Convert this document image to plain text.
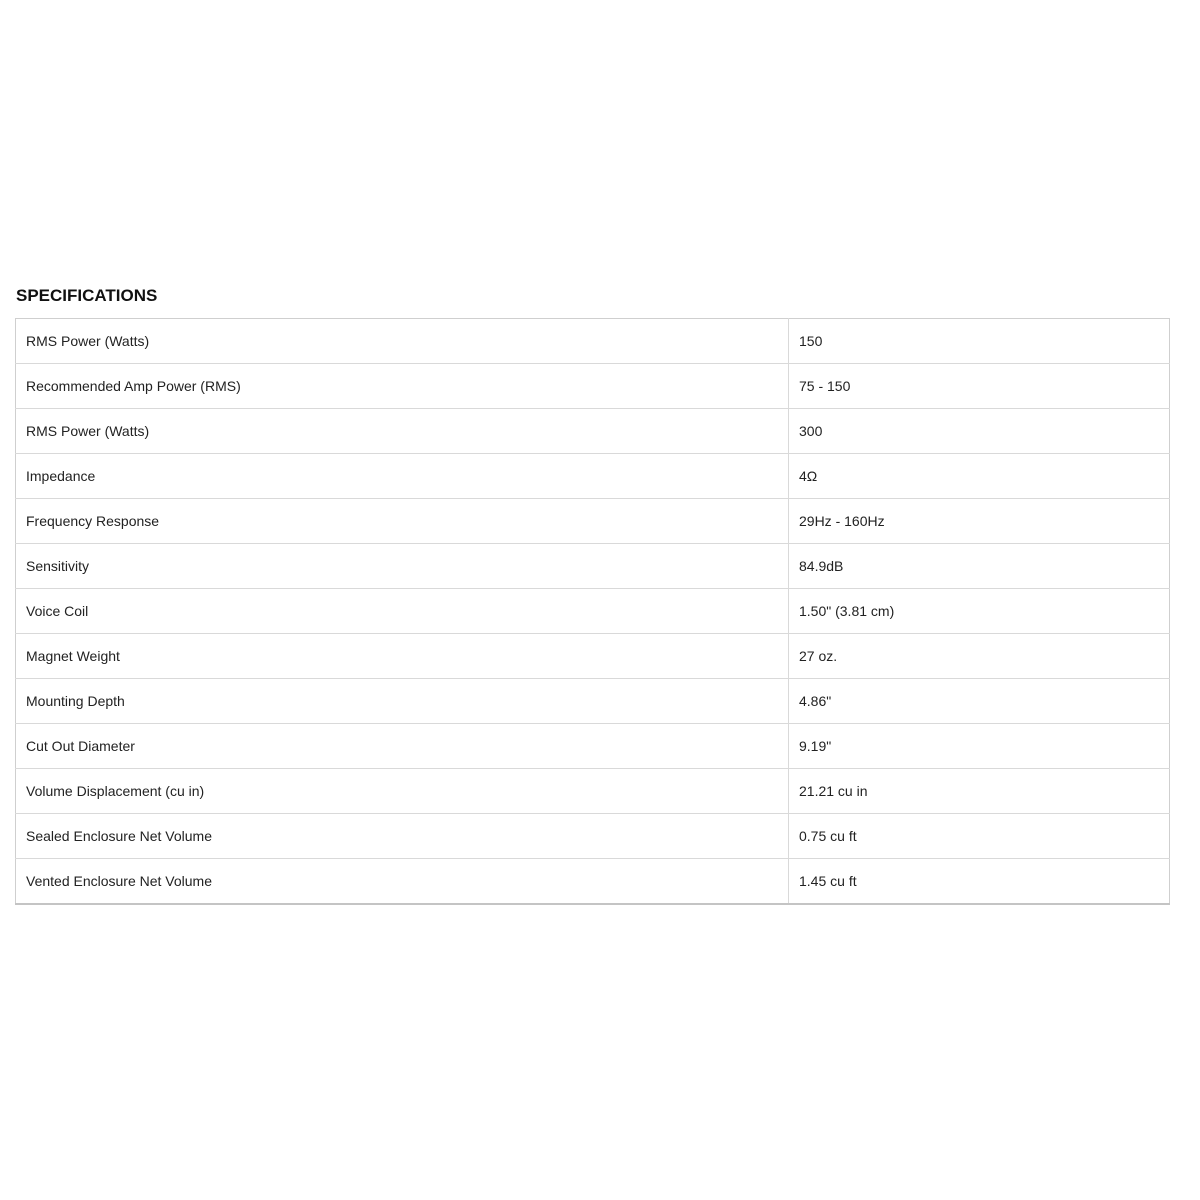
SPECIFICATIONS
RMS Power (Watts)	150
Recommended Amp Power (RMS)	75 - 150
RMS Power (Watts)	300
Impedance	4Ω
Frequency Response	29Hz - 160Hz
Sensitivity	84.9dB
Voice Coil	1.50" (3.81 cm)
Magnet Weight	27 oz.
Mounting Depth	4.86"
Cut Out Diameter	9.19"
Volume Displacement (cu in)	21.21 cu in
Sealed Enclosure Net Volume	0.75 cu ft
Vented Enclosure Net Volume	1.45 cu ft
